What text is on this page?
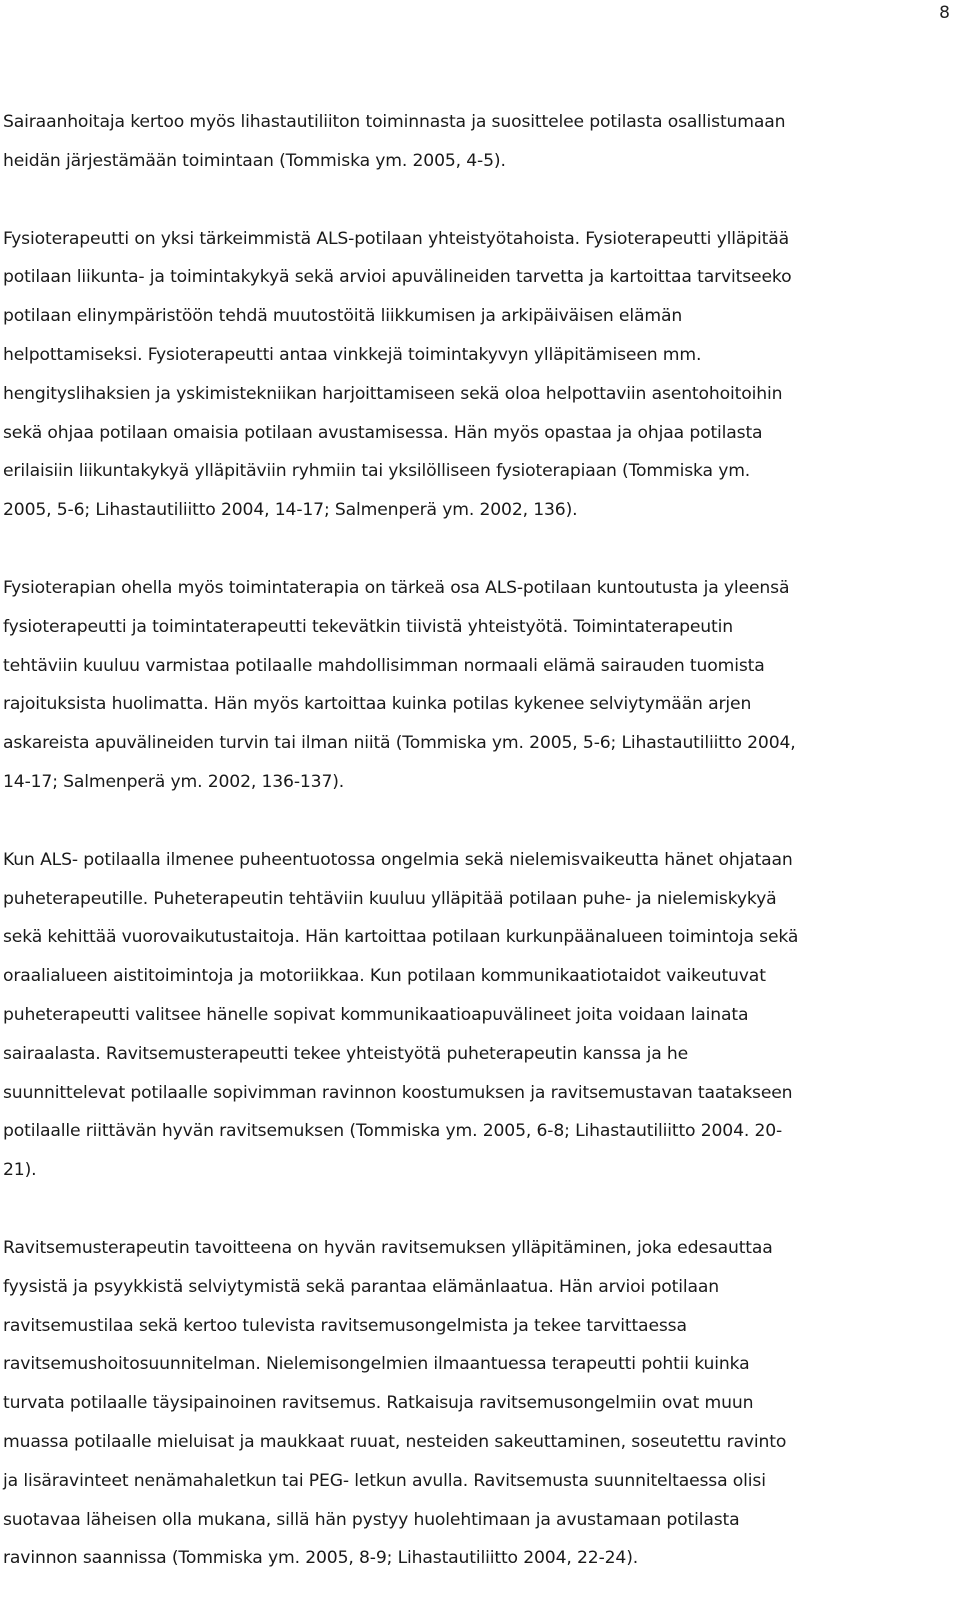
8

Sairaanhoitaja kertoo myös lihastautiliiton toiminnasta ja suosittelee potilasta osallistumaan
heidän järjestämään toimintaan (Tommiska ym. 2005, 4-5).

Fysioterapeutti on yksi tärkeimmistä ALS-potilaan yhteistyötahoista. Fysioterapeutti ylläpitää
potilaan liikunta- ja toimintakykyä sekä arvioi apuvälineiden tarvetta ja kartoittaa tarvitseeko
potilaan elinympäristöön tehdä muutostöitä liikkumisen ja arkipäiväisen elämän
helpottamiseksi. Fysioterapeutti antaa vinkkejä toimintakyvyn ylläpitämiseen mm.
hengityslihaksien ja yskimistekniikan harjoittamiseen sekä oloa helpottaviin asentohoitoihin
sekä ohjaa potilaan omaisia potilaan avustamisessa. Hän myös opastaa ja ohjaa potilasta
erilaisiin liikuntakykyä ylläpitäviin ryhmiin tai yksilölliseen fysioterapiaan (Tommiska ym.
2005, 5-6; Lihastautiliitto 2004, 14-17; Salmenperä ym. 2002, 136).

Fysioterapian ohella myös toimintaterapia on tärkeä osa ALS-potilaan kuntoutusta ja yleensä
fysioterapeutti ja toimintaterapeutti tekevätkin tiivistä yhteistyötä. Toimintaterapeutin
tehtäviin kuuluu varmistaa potilaalle mahdollisimman normaali elämä sairauden tuomista
rajoituksista huolimatta. Hän myös kartoittaa kuinka potilas kykenee selviytymään arjen
askareista apuvälineiden turvin tai ilman niitä (Tommiska ym. 2005, 5-6; Lihastautiliitto 2004,
14-17; Salmenperä ym. 2002, 136-137).

Kun ALS- potilaalla ilmenee puheentuotossa ongelmia sekä nielemisvaikeutta hänet ohjataan
puheterapeutille. Puheterapeutin tehtäviin kuuluu ylläpitää potilaan puhe- ja nielemiskykyä
sekä kehittää vuorovaikutustaitoja. Hän kartoittaa potilaan kurkunpäänalueen toimintoja sekä
oraalialueen aistitoimintoja ja motoriikkaa. Kun potilaan kommunikaatiotaidot vaikeutuvat
puheterapeutti valitsee hänelle sopivat kommunikaatioapuvälineet joita voidaan lainata
sairaalasta. Ravitsemusterapeutti tekee yhteistyötä puheterapeutin kanssa ja he
suunnittelevat potilaalle sopivimman ravinnon koostumuksen ja ravitsemustavan taatakseen
potilaalle riittävän hyvän ravitsemuksen (Tommiska ym. 2005, 6-8; Lihastautiliitto 2004. 20-
21).

Ravitsemusterapeutin tavoitteena on hyvän ravitsemuksen ylläpitäminen, joka edesauttaa
fyysistä ja psyykkistä selviytymistä sekä parantaa elämänlaatua. Hän arvioi potilaan
ravitsemustilaa sekä kertoo tulevista ravitsemusongelmista ja tekee tarvittaessa
ravitsemushoitosuunnitelman. Nielemisongelmien ilmaantuessa terapeutti pohtii kuinka
turvata potilaalle täysipainoinen ravitsemus. Ratkaisuja ravitsemusongelmiin ovat muun
muassa potilaalle mieluisat ja maukkaat ruuat, nesteiden sakeuttaminen, soseutettu ravinto
ja lisäravinteet nenämahaletkun tai PEG- letkun avulla. Ravitsemusta suunniteltaessa olisi
suotavaa läheisen olla mukana, sillä hän pystyy huolehtimaan ja avustamaan potilasta
ravinnon saannissa (Tommiska ym. 2005, 8-9; Lihastautiliitto 2004, 22-24).
